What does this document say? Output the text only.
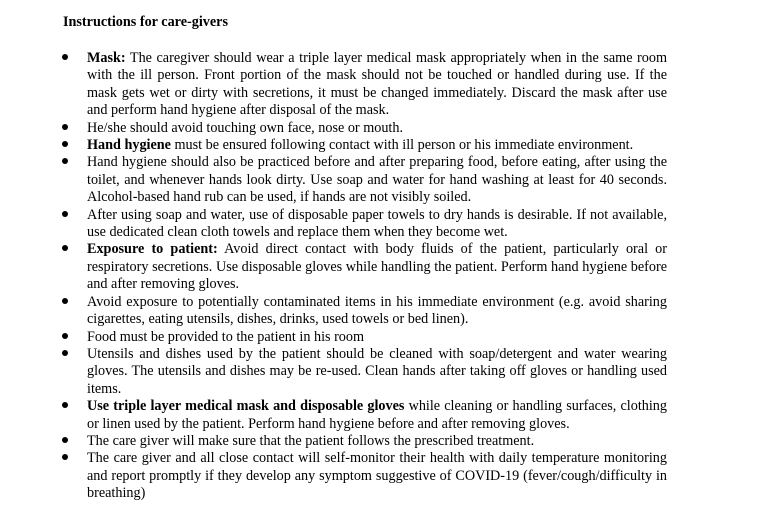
Instructions for care-givers
Mask: The caregiver should wear a triple layer medical mask appropriately when in the same room with the ill person. Front portion of the mask should not be touched or handled during use. If the mask gets wet or dirty with secretions, it must be changed immediately. Discard the mask after use and perform hand hygiene after disposal of the mask.
He/she should avoid touching own face, nose or mouth.
Hand hygiene must be ensured following contact with ill person or his immediate environment.
Hand hygiene should also be practiced before and after preparing food, before eating, after using the toilet, and whenever hands look dirty. Use soap and water for hand washing at least for 40 seconds. Alcohol-based hand rub can be used, if hands are not visibly soiled.
After using soap and water, use of disposable paper towels to dry hands is desirable. If not available, use dedicated clean cloth towels and replace them when they become wet.
Exposure to patient: Avoid direct contact with body fluids of the patient, particularly oral or respiratory secretions. Use disposable gloves while handling the patient. Perform hand hygiene before and after removing gloves.
Avoid exposure to potentially contaminated items in his immediate environment (e.g. avoid sharing cigarettes, eating utensils, dishes, drinks, used towels or bed linen).
Food must be provided to the patient in his room
Utensils and dishes used by the patient should be cleaned with soap/detergent and water wearing gloves. The utensils and dishes may be re-used. Clean hands after taking off gloves or handling used items.
Use triple layer medical mask and disposable gloves while cleaning or handling surfaces, clothing or linen used by the patient. Perform hand hygiene before and after removing gloves.
The care giver will make sure that the patient follows the prescribed treatment.
The care giver and all close contact will self-monitor their health with daily temperature monitoring and report promptly if they develop any symptom suggestive of COVID-19 (fever/cough/difficulty in breathing)
